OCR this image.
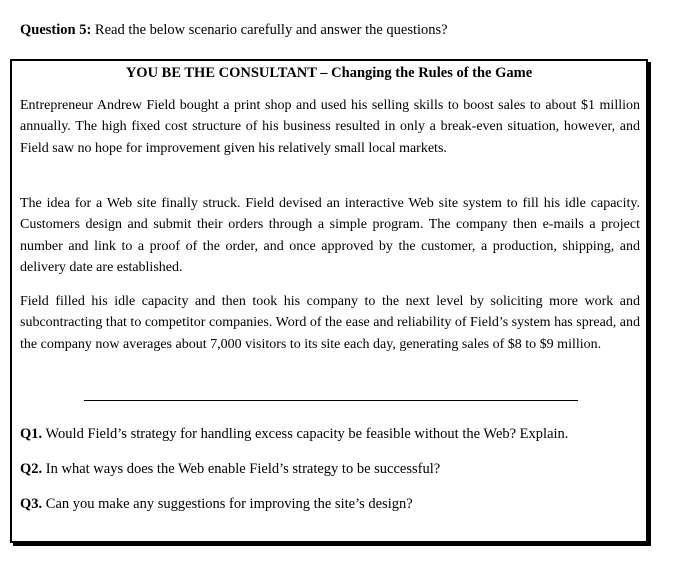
Question 5: Read the below scenario carefully and answer the questions?
YOU BE THE CONSULTANT – Changing the Rules of the Game
Entrepreneur Andrew Field bought a print shop and used his selling skills to boost sales to about $1 million annually. The high fixed cost structure of his business resulted in only a break-even situation, however, and Field saw no hope for improvement given his relatively small local markets.
The idea for a Web site finally struck. Field devised an interactive Web site system to fill his idle capacity. Customers design and submit their orders through a simple program. The company then e-mails a project number and link to a proof of the order, and once approved by the customer, a production, shipping, and delivery date are established.
Field filled his idle capacity and then took his company to the next level by soliciting more work and subcontracting that to competitor companies. Word of the ease and reliability of Field’s system has spread, and the company now averages about 7,000 visitors to its site each day, generating sales of $8 to $9 million.
Q1. Would Field’s strategy for handling excess capacity be feasible without the Web? Explain.
Q2. In what ways does the Web enable Field’s strategy to be successful?
Q3. Can you make any suggestions for improving the site’s design?
